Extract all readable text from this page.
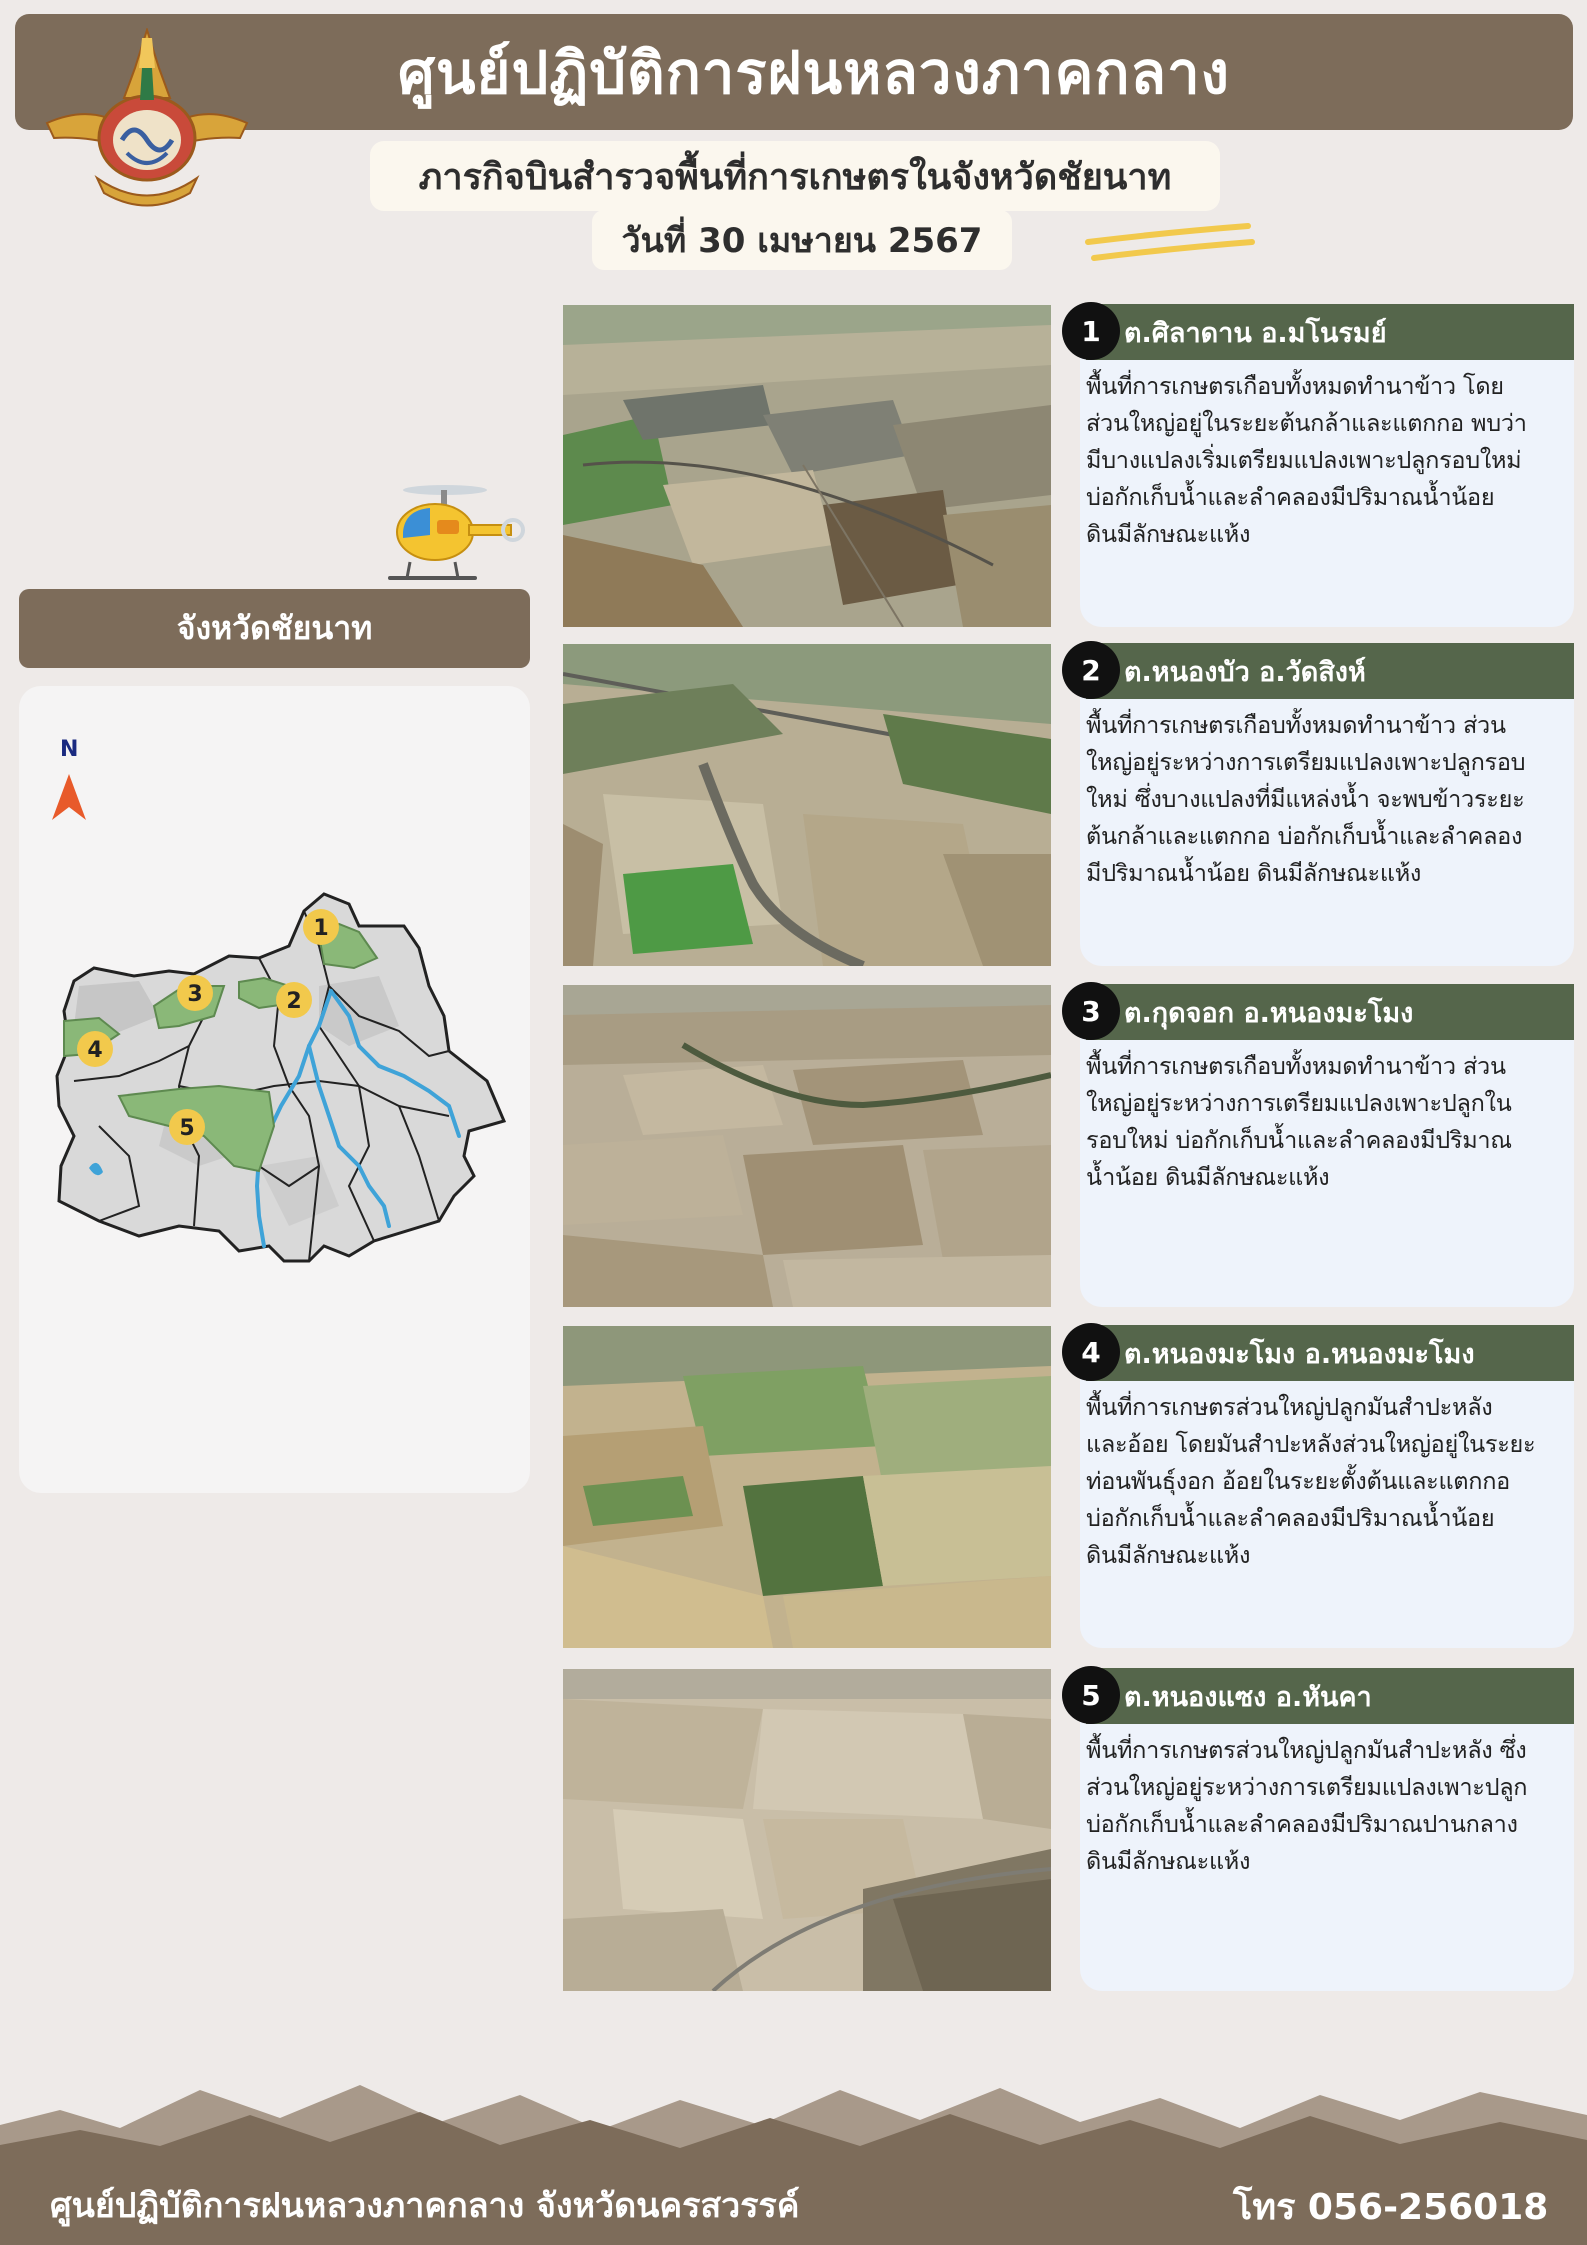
ศูนย์ปฏิบัติการฝนหลวงภาคกลาง
ภารกิจบินสำรวจพื้นที่การเกษตรในจังหวัดชัยนาท
วันที่ 30 เมษายน 2567
จังหวัดชัยนาท
N
1
2
3
4
5
ต.ศิลาดาน อ.มโนรมย์
1
พื้นที่การเกษตรเกือบทั้งหมดทำนาข้าว โดย
ส่วนใหญ่อยู่ในระยะต้นกล้าและแตกกอ พบว่า
มีบางแปลงเริ่มเตรียมแปลงเพาะปลูกรอบใหม่
บ่อกักเก็บน้ำและลำคลองมีปริมาณน้ำน้อย
ดินมีลักษณะแห้ง
ต.หนองบัว อ.วัดสิงห์
2
พื้นที่การเกษตรเกือบทั้งหมดทำนาข้าว ส่วน
ใหญ่อยู่ระหว่างการเตรียมแปลงเพาะปลูกรอบ
ใหม่ ซึ่งบางแปลงที่มีแหล่งน้ำ จะพบข้าวระยะ
ต้นกล้าและแตกกอ บ่อกักเก็บน้ำและลำคลอง
มีปริมาณน้ำน้อย ดินมีลักษณะแห้ง
ต.กุดจอก อ.หนองมะโมง
3
พื้นที่การเกษตรเกือบทั้งหมดทำนาข้าว ส่วน
ใหญ่อยู่ระหว่างการเตรียมแปลงเพาะปลูกใน
รอบใหม่ บ่อกักเก็บน้ำและลำคลองมีปริมาณ
น้ำน้อย ดินมีลักษณะแห้ง
ต.หนองมะโมง อ.หนองมะโมง
4
พื้นที่การเกษตรส่วนใหญ่ปลูกมันสำปะหลัง
และอ้อย โดยมันสำปะหลังส่วนใหญ่อยู่ในระยะ
ท่อนพันธุ์งอก อ้อยในระยะตั้งต้นและแตกกอ
บ่อกักเก็บน้ำและลำคลองมีปริมาณน้ำน้อย
ดินมีลักษณะแห้ง
ต.หนองแซง อ.หันคา
5
พื้นที่การเกษตรส่วนใหญ่ปลูกมันสำปะหลัง ซึ่ง
ส่วนใหญ่อยู่ระหว่างการเตรียมแปลงเพาะปลูก
บ่อกักเก็บน้ำและลำคลองมีปริมาณปานกลาง
ดินมีลักษณะแห้ง
ศูนย์ปฏิบัติการฝนหลวงภาคกลาง จังหวัดนครสวรรค์	โทร 056-256018
